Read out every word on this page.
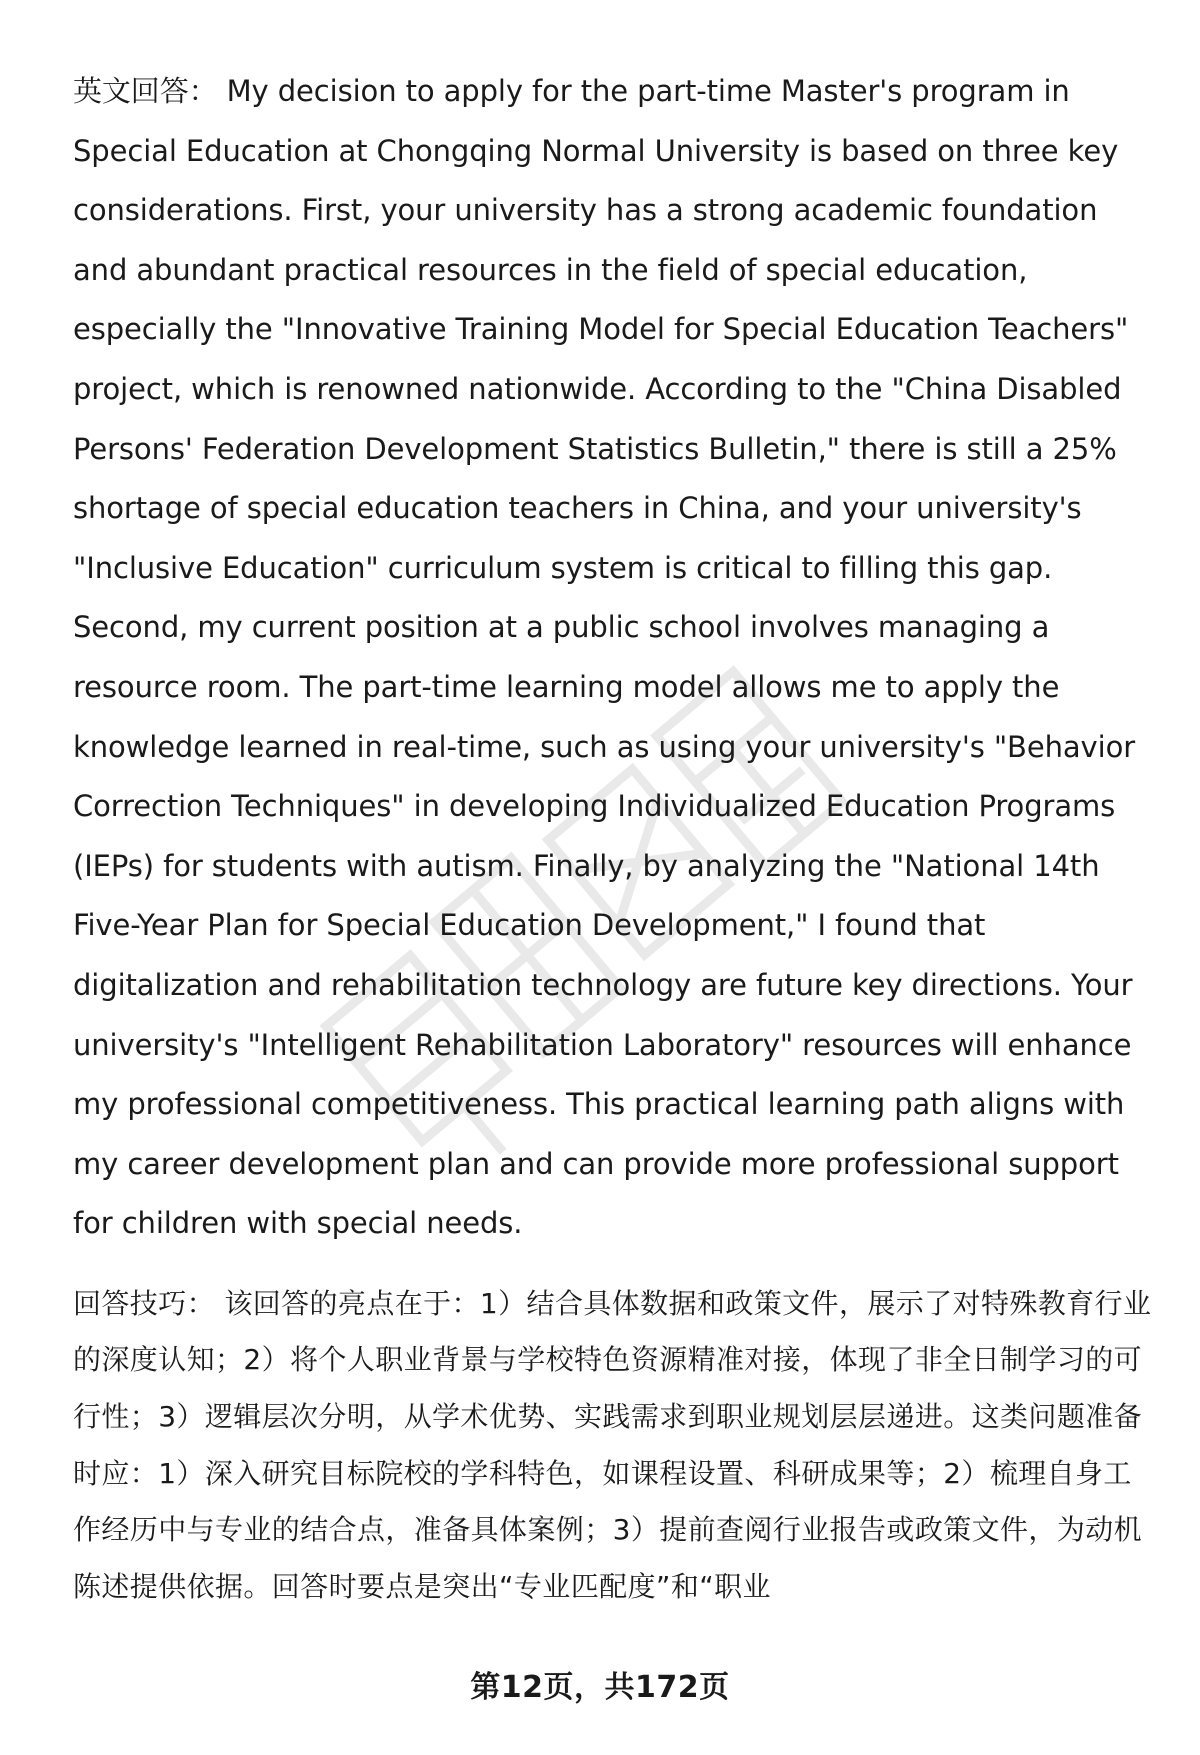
英文回答： My decision to apply for the part-time Master's program in Special Education at Chongqing Normal University is based on three key considerations. First, your university has a strong academic foundation and abundant practical resources in the field of special education, especially the "Innovative Training Model for Special Education Teachers" project, which is renowned nationwide. According to the "China Disabled Persons' Federation Development Statistics Bulletin," there is still a 25% shortage of special education teachers in China, and your university's "Inclusive Education" curriculum system is critical to filling this gap. Second, my current position at a public school involves managing a resource room. The part-time learning model allows me to apply the knowledge learned in real-time, such as using your university's "Behavior Correction Techniques" in developing Individualized Education Programs (IEPs) for students with autism. Finally, by analyzing the "National 14th Five-Year Plan for Special Education Development," I found that digitalization and rehabilitation technology are future key directions. Your university's "Intelligent Rehabilitation Laboratory" resources will enhance my professional competitiveness. This practical learning path aligns with my career development plan and can provide more professional support for children with special needs.

回答技巧： 该回答的亮点在于：1）结合具体数据和政策文件，展示了对特殊教育行业的深度认知；2）将个人职业背景与学校特色资源精准对接，体现了非全日制学习的可行性；3）逻辑层次分明，从学术优势、实践需求到职业规划层层递进。这类问题准备时应：1）深入研究目标院校的学科特色，如课程设置、科研成果等；2）梳理自身工作经历中与专业的结合点，准备具体案例；3）提前查阅行业报告或政策文件，为动机陈述提供依据。回答时要点是突出“专业匹配度”和“职业

第12页，共172页
